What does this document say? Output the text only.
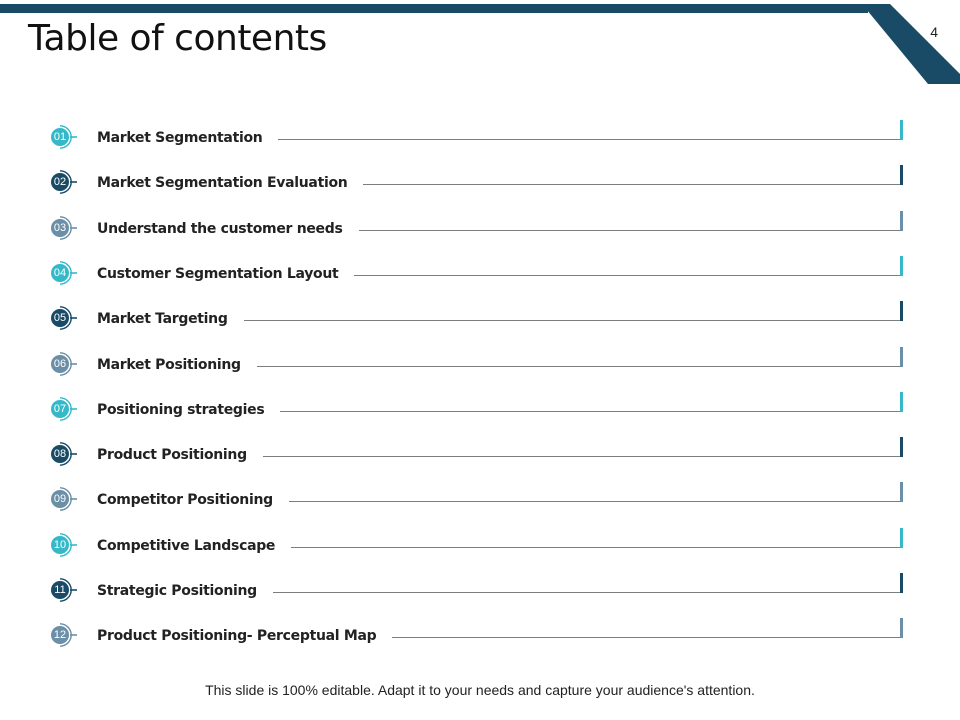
Table of contents	4
01 Market Segmentation
02 Market Segmentation Evaluation
03 Understand the customer needs
04 Customer Segmentation Layout
05 Market Targeting
06 Market Positioning
07 Positioning strategies
08 Product Positioning
09 Competitor Positioning
10 Competitive Landscape
11	Strategic Positioning
12 Product Positioning- Perceptual Map
This slide is 100% editable. Adapt it to your needs and capture your audience's attention.
